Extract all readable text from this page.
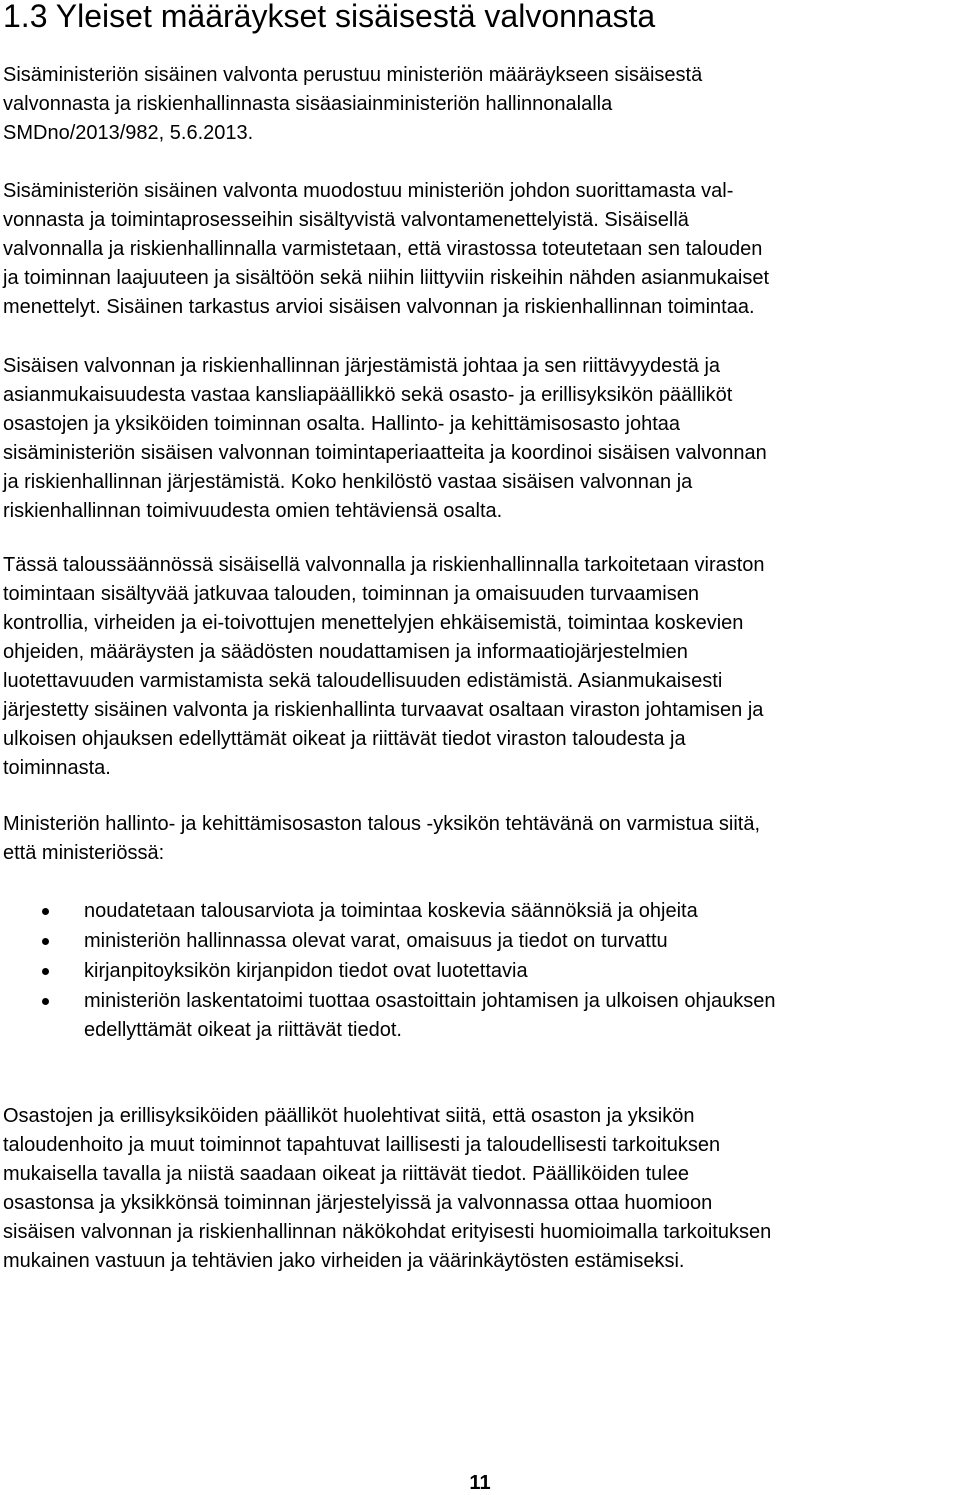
1.3 Yleiset määräykset sisäisestä valvonnasta

Sisäministeriön sisäinen valvonta perustuu ministeriön määräykseen sisäisestä
valvonnasta ja riskienhallinnasta sisäasiainministeriön hallinnonalalla
SMDno/2013/982, 5.6.2013.

Sisäministeriön sisäinen valvonta muodostuu ministeriön johdon suorittamasta val-
vonnasta ja toimintaprosesseihin sisältyvistä valvontamenettelyistä. Sisäisellä
valvonnalla ja riskienhallinnalla varmistetaan, että virastossa toteutetaan sen talouden
ja toiminnan laajuuteen ja sisältöön sekä niihin liittyviin riskeihin nähden asianmukaiset
menettelyt. Sisäinen tarkastus arvioi sisäisen valvonnan ja riskienhallinnan toimintaa.

Sisäisen valvonnan ja riskienhallinnan järjestämistä johtaa ja sen riittävyydestä ja
asianmukaisuudesta vastaa kansliapäällikkö sekä osasto- ja erillisyksikön päälliköt
osastojen ja yksiköiden toiminnan osalta. Hallinto- ja kehittämisosasto johtaa
sisäministeriön sisäisen valvonnan toimintaperiaatteita ja koordinoi sisäisen valvonnan
ja riskienhallinnan järjestämistä. Koko henkilöstö vastaa sisäisen valvonnan ja
riskienhallinnan toimivuudesta omien tehtäviensä osalta.

Tässä taloussäännössä sisäisellä valvonnalla ja riskienhallinnalla tarkoitetaan viraston
toimintaan sisältyvää jatkuvaa talouden, toiminnan ja omaisuuden turvaamisen
kontrollia, virheiden ja ei-toivottujen menettelyjen ehkäisemistä, toimintaa koskevien
ohjeiden, määräysten ja säädösten noudattamisen ja informaatiojärjestelmien
luotettavuuden varmistamista sekä taloudellisuuden edistämistä. Asianmukaisesti
järjestetty sisäinen valvonta ja riskienhallinta turvaavat osaltaan viraston johtamisen ja
ulkoisen ohjauksen edellyttämät oikeat ja riittävät tiedot viraston taloudesta ja
toiminnasta.

Ministeriön hallinto- ja kehittämisosaston talous -yksikön tehtävänä on varmistua siitä,
että ministeriössä:

noudatetaan talousarviota ja toimintaa koskevia säännöksiä ja ohjeita
ministeriön hallinnassa olevat varat, omaisuus ja tiedot on turvattu
kirjanpitoyksikön kirjanpidon tiedot ovat luotettavia
ministeriön laskentatoimi tuottaa osastoittain johtamisen ja ulkoisen ohjauksen
edellyttämät oikeat ja riittävät tiedot.

Osastojen ja erillisyksiköiden päälliköt huolehtivat siitä, että osaston ja yksikön
taloudenhoito ja muut toiminnot tapahtuvat laillisesti ja taloudellisesti tarkoituksen
mukaisella tavalla ja niistä saadaan oikeat ja riittävät tiedot. Päälliköiden tulee
osastonsa ja yksikkönsä toiminnan järjestelyissä ja valvonnassa ottaa huomioon
sisäisen valvonnan ja riskienhallinnan näkökohdat erityisesti huomioimalla tarkoituksen
mukainen vastuun ja tehtävien jako virheiden ja väärinkäytösten estämiseksi.

11
